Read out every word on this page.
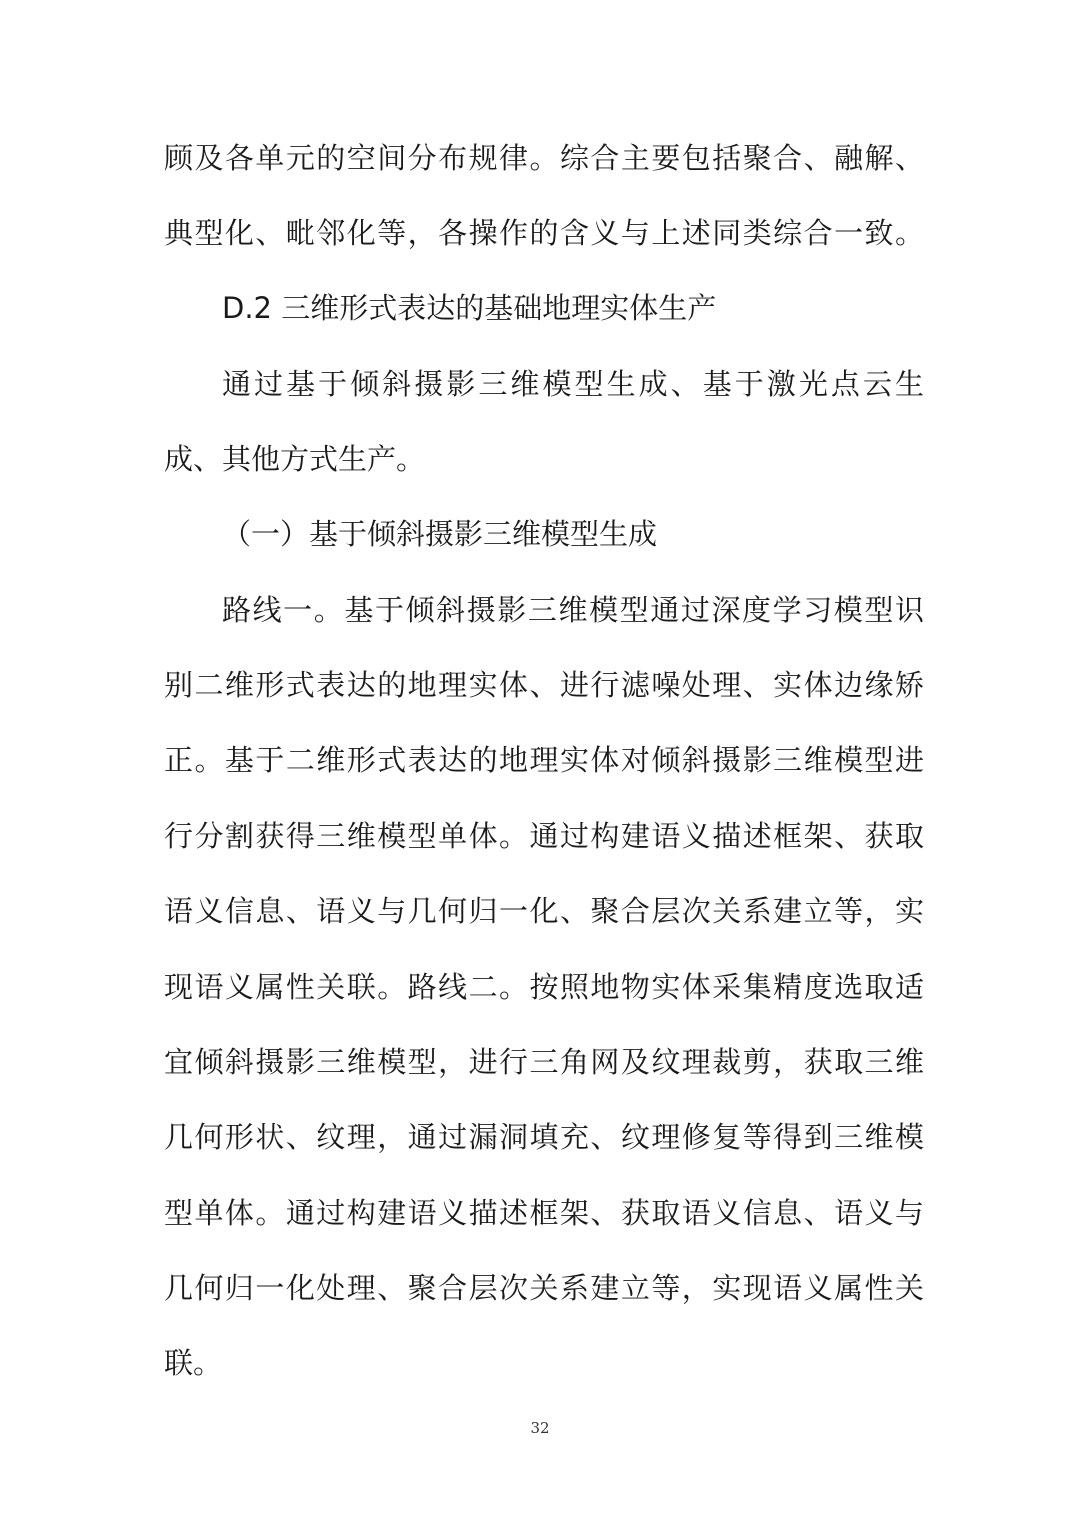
顾及各单元的空间分布规律。综合主要包括聚合、融解、
典型化、毗邻化等，各操作的含义与上述同类综合一致。
D.2 三维形式表达的基础地理实体生产
通过基于倾斜摄影三维模型生成、基于激光点云生
成、其他方式生产。
（一）基于倾斜摄影三维模型生成
路线一。基于倾斜摄影三维模型通过深度学习模型识
别二维形式表达的地理实体、进行滤噪处理、实体边缘矫
正。基于二维形式表达的地理实体对倾斜摄影三维模型进
行分割获得三维模型单体。通过构建语义描述框架、获取
语义信息、语义与几何归一化、聚合层次关系建立等，实
现语义属性关联。路线二。按照地物实体采集精度选取适
宜倾斜摄影三维模型，进行三角网及纹理裁剪，获取三维
几何形状、纹理，通过漏洞填充、纹理修复等得到三维模
型单体。通过构建语义描述框架、获取语义信息、语义与
几何归一化处理、聚合层次关系建立等，实现语义属性关
联。
32
